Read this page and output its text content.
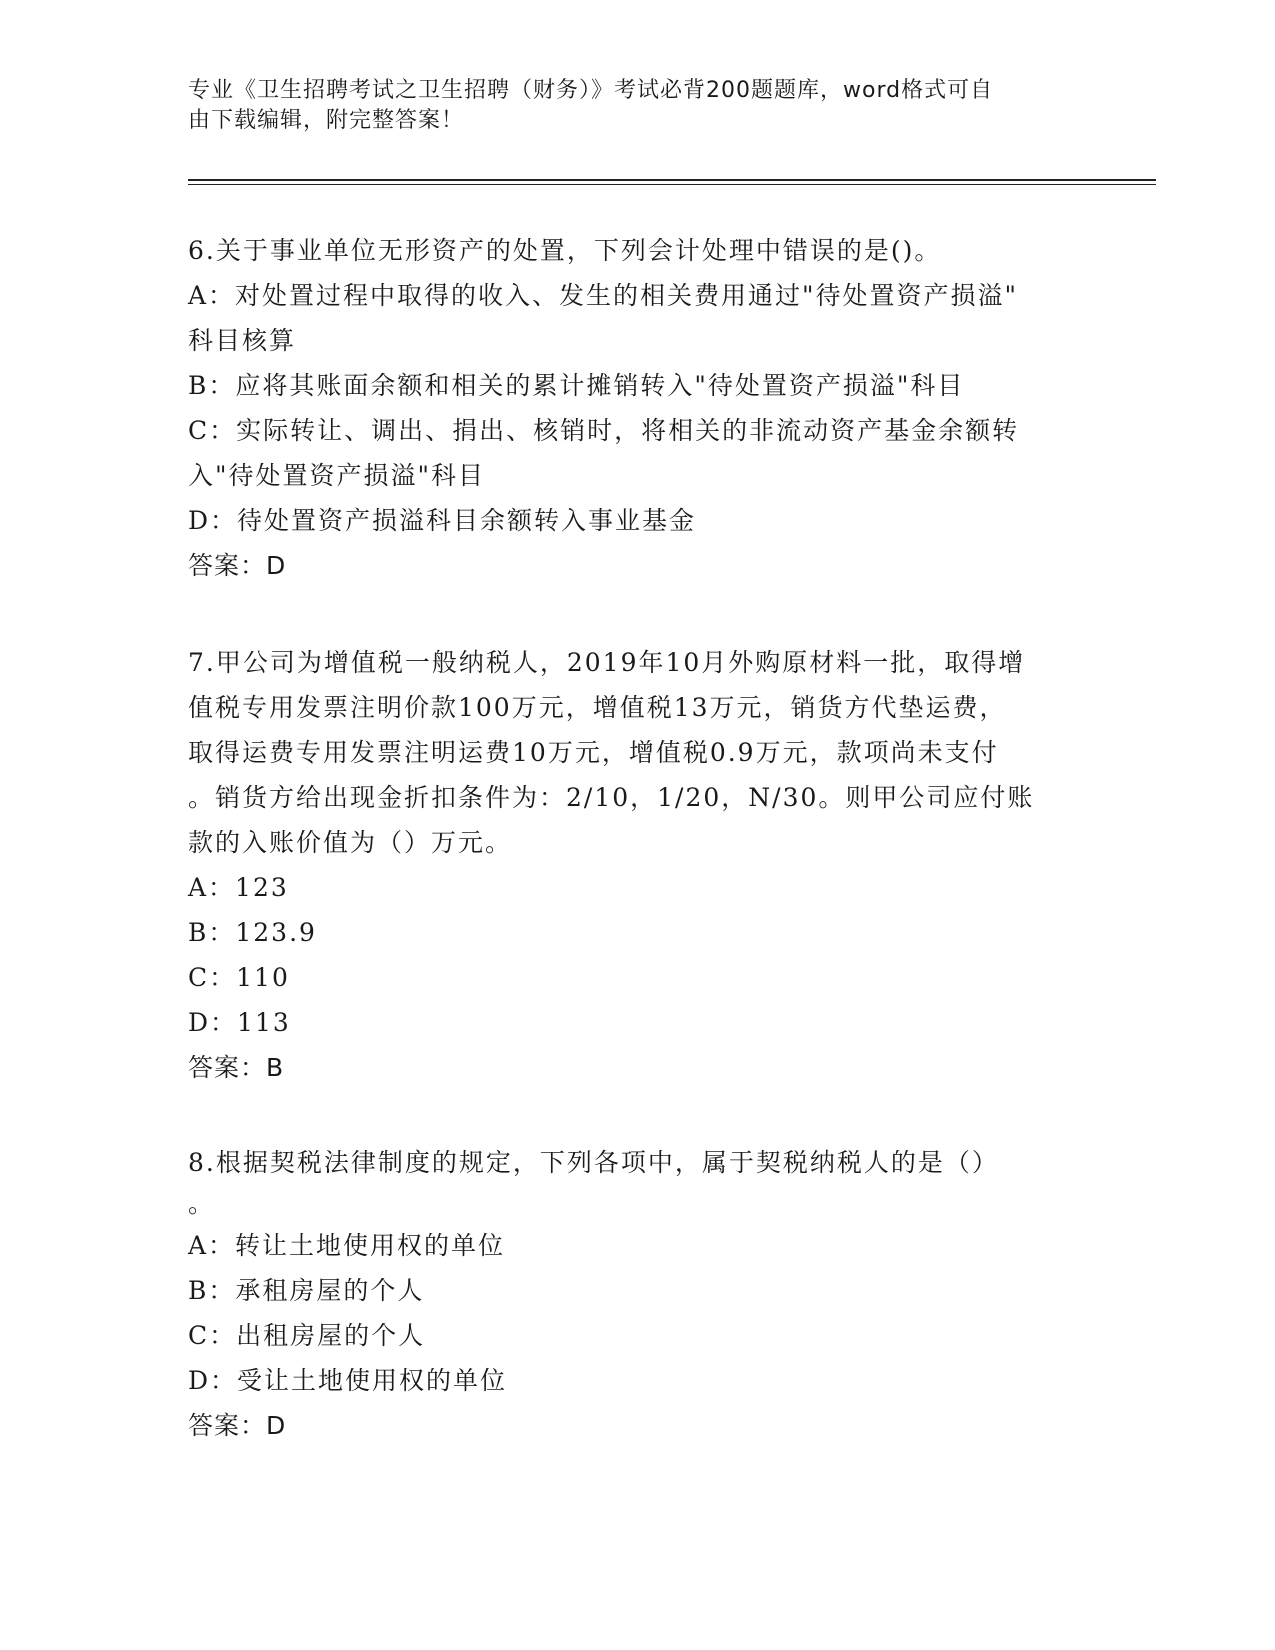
专业《卫生招聘考试之卫生招聘（财务）》考试必背200题题库，word格式可自
由下载编辑，附完整答案！
6.关于事业单位无形资产的处置，下列会计处理中错误的是()。
A：对处置过程中取得的收入、发生的相关费用通过"待处置资产损溢"
科目核算
B：应将其账面余额和相关的累计摊销转入"待处置资产损溢"科目
C：实际转让、调出、捐出、核销时，将相关的非流动资产基金余额转
入"待处置资产损溢"科目
D：待处置资产损溢科目余额转入事业基金
答案：D
7.甲公司为增值税一般纳税人，2019年10月外购原材料一批，取得增
值税专用发票注明价款100万元，增值税13万元，销货方代垫运费，
取得运费专用发票注明运费10万元，增值税0.9万元，款项尚未支付
。销货方给出现金折扣条件为：2/10，1/20，N/30。则甲公司应付账
款的入账价值为（）万元。
A：123
B：123.9
C：110
D：113
答案：B
8.根据契税法律制度的规定，下列各项中，属于契税纳税人的是（）
。
A：转让土地使用权的单位
B：承租房屋的个人
C：出租房屋的个人
D：受让土地使用权的单位
答案：D
